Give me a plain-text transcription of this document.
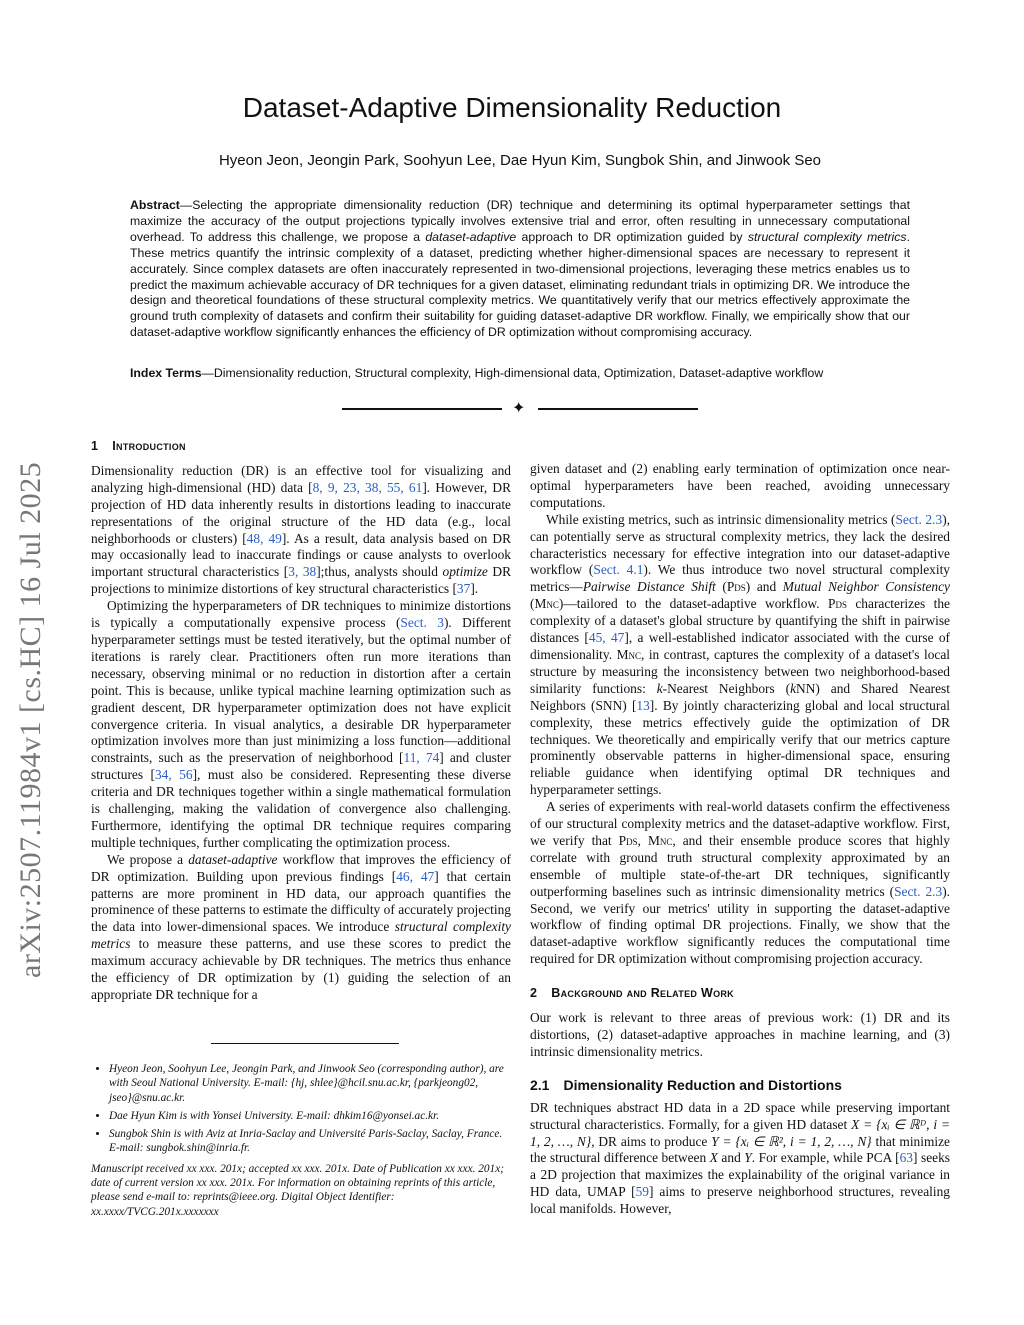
arXiv:2507.11984v1 [cs.HC] 16 Jul 2025
Dataset-Adaptive Dimensionality Reduction
Hyeon Jeon, Jeongin Park, Soohyun Lee, Dae Hyun Kim, Sungbok Shin, and Jinwook Seo
Abstract—Selecting the appropriate dimensionality reduction (DR) technique and determining its optimal hyperparameter settings that maximize the accuracy of the output projections typically involves extensive trial and error, often resulting in unnecessary computational overhead. To address this challenge, we propose a dataset-adaptive approach to DR optimization guided by structural complexity metrics. These metrics quantify the intrinsic complexity of a dataset, predicting whether higher-dimensional spaces are necessary to represent it accurately. Since complex datasets are often inaccurately represented in two-dimensional projections, leveraging these metrics enables us to predict the maximum achievable accuracy of DR techniques for a given dataset, eliminating redundant trials in optimizing DR. We introduce the design and theoretical foundations of these structural complexity metrics. We quantitatively verify that our metrics effectively approximate the ground truth complexity of datasets and confirm their suitability for guiding dataset-adaptive DR workflow. Finally, we empirically show that our dataset-adaptive workflow significantly enhances the efficiency of DR optimization without compromising accuracy.
Index Terms—Dimensionality reduction, Structural complexity, High-dimensional data, Optimization, Dataset-adaptive workflow
✦
1 Introduction

Dimensionality reduction (DR) is an effective tool for visualizing and analyzing high-dimensional (HD) data [8, 9, 23, 38, 55, 61]. However, DR projection of HD data inherently results in distortions leading to inaccurate representations of the original structure of the HD data (e.g., local neighborhoods or clusters) [48, 49]. As a result, data analysis based on DR may occasionally lead to inaccurate findings or cause analysts to overlook important structural characteristics [3, 38];thus, analysts should optimize DR projections to minimize distortions of key structural characteristics [37].

Optimizing the hyperparameters of DR techniques to minimize distortions is typically a computationally expensive process (Sect. 3). Different hyperparameter settings must be tested iteratively, but the optimal number of iterations is rarely clear. Practitioners often run more iterations than necessary, observing minimal or no reduction in distortion after a certain point. This is because, unlike typical machine learning optimization such as gradient descent, DR hyperparameter optimization does not have explicit convergence criteria. In visual analytics, a desirable DR hyperparameter optimization involves more than just minimizing a loss function—additional constraints, such as the preservation of neighborhood [11, 74] and cluster structures [34, 56], must also be considered. Representing these diverse criteria and DR techniques together within a single mathematical formulation is challenging, making the validation of convergence also challenging. Furthermore, identifying the optimal DR technique requires comparing multiple techniques, further complicating the optimization process.

We propose a dataset-adaptive workflow that improves the efficiency of DR optimization. Building upon previous findings [46, 47] that certain patterns are more prominent in HD data, our approach quantifies the prominence of these patterns to estimate the difficulty of accurately projecting the data into lower-dimensional spaces. We introduce structural complexity metrics to measure these patterns, and use these scores to predict the maximum accuracy achievable by DR techniques. The metrics thus enhance the efficiency of DR optimization by (1) guiding the selection of an appropriate DR technique for a

• Hyeon Jeon, Soohyun Lee, Jeongin Park, and Jinwook Seo (corresponding author), are with Seoul National University. E-mail: {hj, shlee}@hcil.snu.ac.kr, {parkjeong02, jseo}@snu.ac.kr.
• Dae Hyun Kim is with Yonsei University. E-mail: dhkim16@yonsei.ac.kr.
• Sungbok Shin is with Aviz at Inria-Saclay and Université Paris-Saclay, Saclay, France. E-mail: sungbok.shin@inria.fr.
Manuscript received xx xxx. 201x; accepted xx xxx. 201x. Date of Publication xx xxx. 201x; date of current version xx xxx. 201x. For information on obtaining reprints of this article, please send e-mail to: reprints@ieee.org. Digital Object Identifier: xx.xxxx/TVCG.201x.xxxxxxx

given dataset and (2) enabling early termination of optimization once near-optimal hyperparameters have been reached, avoiding unnecessary computations.

While existing metrics, such as intrinsic dimensionality metrics (Sect. 2.3), can potentially serve as structural complexity metrics, they lack the desired characteristics necessary for effective integration into our dataset-adaptive workflow (Sect. 4.1). We thus introduce two novel structural complexity metrics—Pairwise Distance Shift (Pds) and Mutual Neighbor Consistency (Mnc)—tailored to the dataset-adaptive workflow. Pds characterizes the complexity of a dataset's global structure by quantifying the shift in pairwise distances [45, 47], a well-established indicator associated with the curse of dimensionality. Mnc, in contrast, captures the complexity of a dataset's local structure by measuring the inconsistency between two neighborhood-based similarity functions: k-Nearest Neighbors (kNN) and Shared Nearest Neighbors (SNN) [13]. By jointly characterizing global and local structural complexity, these metrics effectively guide the optimization of DR techniques. We theoretically and empirically verify that our metrics capture prominently observable patterns in higher-dimensional space, ensuring reliable guidance when identifying optimal DR techniques and hyperparameter settings.

A series of experiments with real-world datasets confirm the effectiveness of our structural complexity metrics and the dataset-adaptive workflow. First, we verify that Pds, Mnc, and their ensemble produce scores that highly correlate with ground truth structural complexity approximated by an ensemble of multiple state-of-the-art DR techniques, significantly outperforming baselines such as intrinsic dimensionality metrics (Sect. 2.3). Second, we verify our metrics' utility in supporting the dataset-adaptive workflow of finding optimal DR projections. Finally, we show that the dataset-adaptive workflow significantly reduces the computational time required for DR optimization without compromising projection accuracy.

2 Background and Related Work

Our work is relevant to three areas of previous work: (1) DR and its distortions, (2) dataset-adaptive approaches in machine learning, and (3) intrinsic dimensionality metrics.

2.1 Dimensionality Reduction and Distortions

DR techniques abstract HD data in a 2D space while preserving important structural characteristics. Formally, for a given HD dataset X = {xᵢ ∈ ℝᴰ, i = 1, 2, …, N}, DR aims to produce Y = {xᵢ ∈ ℝ², i = 1, 2, …, N} that minimize the structural difference between X and Y. For example, while PCA [63] seeks a 2D projection that maximizes the explainability of the original variance in HD data, UMAP [59] aims to preserve neighborhood structures, revealing local manifolds. However,
